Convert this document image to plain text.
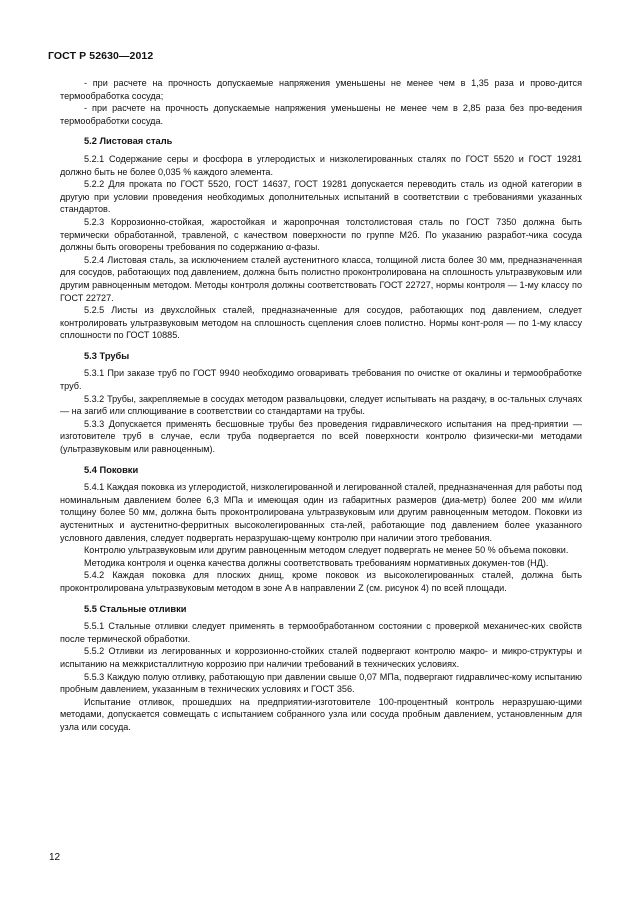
ГОСТ Р 52630—2012

- при расчете на прочность допускаемые напряжения уменьшены не менее чем в 1,35 раза и прово-дится термообработка сосуда;

- при расчете на прочность допускаемые напряжения уменьшены не менее чем в 2,85 раза без про-ведения термообработки сосуда.

5.2 Листовая сталь

5.2.1 Содержание серы и фосфора в углеродистых и низколегированных сталях по ГОСТ 5520 и ГОСТ 19281 должно быть не более 0,035 % каждого элемента.

5.2.2 Для проката по ГОСТ 5520, ГОСТ 14637, ГОСТ 19281 допускается переводить сталь из одной категории в другую при условии проведения необходимых дополнительных испытаний в соответствии с требованиями указанных стандартов.

5.2.3 Коррозионно-стойкая, жаростойкая и жаропрочная толстолистовая сталь по ГОСТ 7350 должна быть термически обработанной, травленой, с качеством поверхности по группе М2б. По указанию разработ-чика сосуда должны быть оговорены требования по содержанию α-фазы.

5.2.4 Листовая сталь, за исключением сталей аустенитного класса, толщиной листа более 30 мм, предназначенная для сосудов, работающих под давлением, должна быть полистно проконтролирована на сплошность ультразвуковым или другим равноценным методом. Методы контроля должны соответствовать ГОСТ 22727, нормы контроля — 1-му классу по ГОСТ 22727.

5.2.5 Листы из двухслойных сталей, предназначенные для сосудов, работающих под давлением, следует контролировать ультразвуковым методом на сплошность сцепления слоев полистно. Нормы конт-роля — по 1-му классу сплошности по ГОСТ 10885.

5.3 Трубы

5.3.1 При заказе труб по ГОСТ 9940 необходимо оговаривать требования по очистке от окалины и термообработке труб.

5.3.2 Трубы, закрепляемые в сосудах методом развальцовки, следует испытывать на раздачу, в ос-тальных случаях — на загиб или сплющивание в соответствии со стандартами на трубы.

5.3.3 Допускается применять бесшовные трубы без проведения гидравлического испытания на пред-приятии — изготовителе труб в случае, если труба подвергается по всей поверхности контролю физически-ми методами (ультразвуковым или равноценным).

5.4 Поковки

5.4.1 Каждая поковка из углеродистой, низколегированной и легированной сталей, предназначенная для работы под номинальным давлением более 6,3 МПа и имеющая один из габаритных размеров (диа-метр) более 200 мм и/или толщину более 50 мм, должна быть проконтролирована ультразвуковым или другим равноценным методом. Поковки из аустенитных и аустенитно-ферритных высоколегированных ста-лей, работающие под давлением более указанного условного давления, следует подвергать неразрушаю-щему контролю при наличии этого требования.

Контролю ультразвуковым или другим равноценным методом следует подвергать не менее 50 % объема поковки.

Методика контроля и оценка качества должны соответствовать требованиям нормативных докумен-тов (НД).

5.4.2 Каждая поковка для плоских днищ, кроме поковок из высоколегированных сталей, должна быть проконтролирована ультразвуковым методом в зоне A в направлении Z (см. рисунок 4) по всей площади.

5.5 Стальные отливки

5.5.1 Стальные отливки следует применять в термообработанном состоянии с проверкой механичес-ких свойств после термической обработки.

5.5.2 Отливки из легированных и коррозионно-стойких сталей подвергают контролю макро- и микро-структуры и испытанию на межкристаллитную коррозию при наличии требований в технических условиях.

5.5.3 Каждую полую отливку, работающую при давлении свыше 0,07 МПа, подвергают гидравличес-кому испытанию пробным давлением, указанным в технических условиях и ГОСТ 356.

Испытание отливок, прошедших на предприятии-изготовителе 100-процентный контроль неразрушаю-щими методами, допускается совмещать с испытанием собранного узла или сосуда пробным давлением, установленным для узла или сосуда.

12
